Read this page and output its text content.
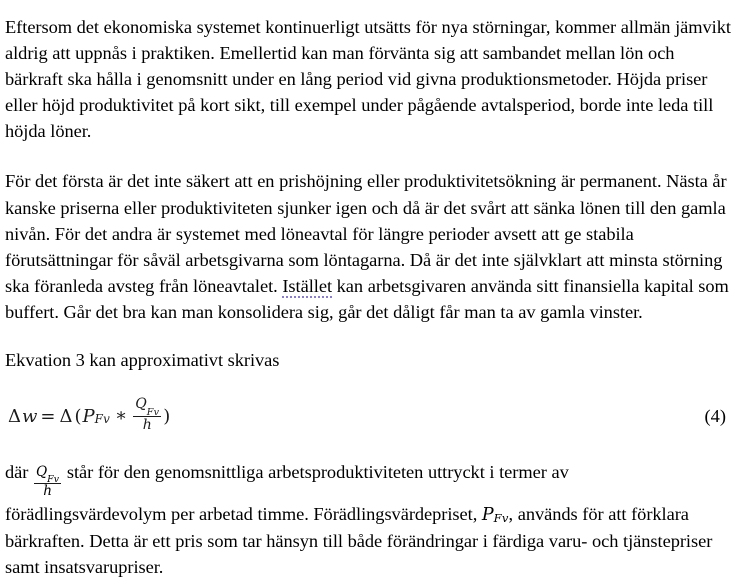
Eftersom det ekonomiska systemet kontinuerligt utsätts för nya störningar, kommer allmän jämvikt aldrig att uppnås i praktiken. Emellertid kan man förvänta sig att sambandet mellan lön och bärkraft ska hålla i genomsnitt under en lång period vid givna produktionsmetoder. Höjda priser eller höjd produktivitet på kort sikt, till exempel under pågående avtalsperiod, borde inte leda till höjda löner.

För det första är det inte säkert att en prishöjning eller produktivitetsökning är permanent. Nästa år kanske priserna eller produktiviteten sjunker igen och då är det svårt att sänka lönen till den gamla nivån. För det andra är systemet med löneavtal för längre perioder avsett att ge stabila förutsättningar för såväl arbetsgivarna som löntagarna. Då är det inte självklart att minsta störning ska föranleda avsteg från löneavtalet. Istället kan arbetsgivaren använda sitt finansiella kapital som buffert. Går det bra kan man konsolidera sig, går det dåligt får man ta av gamla vinster.

Ekvation 3 kan approximativt skrivas

Δ w = Δ ( P Fv ∗ $\frac{Q_{Fv}}{h}$ )	(4)

där $\frac{Q_{Fv}}{h}$ står för den genomsnittliga arbetsproduktiviteten uttryckt i termer av förädlingsvärdevolym per arbetad timme. Förädlingsvärdepriset, P Fv , används för att förklara bärkraften. Detta är ett pris som tar hänsyn till både förändringar i färdiga varu- och tjänstepriser samt insatsvarupriser.
